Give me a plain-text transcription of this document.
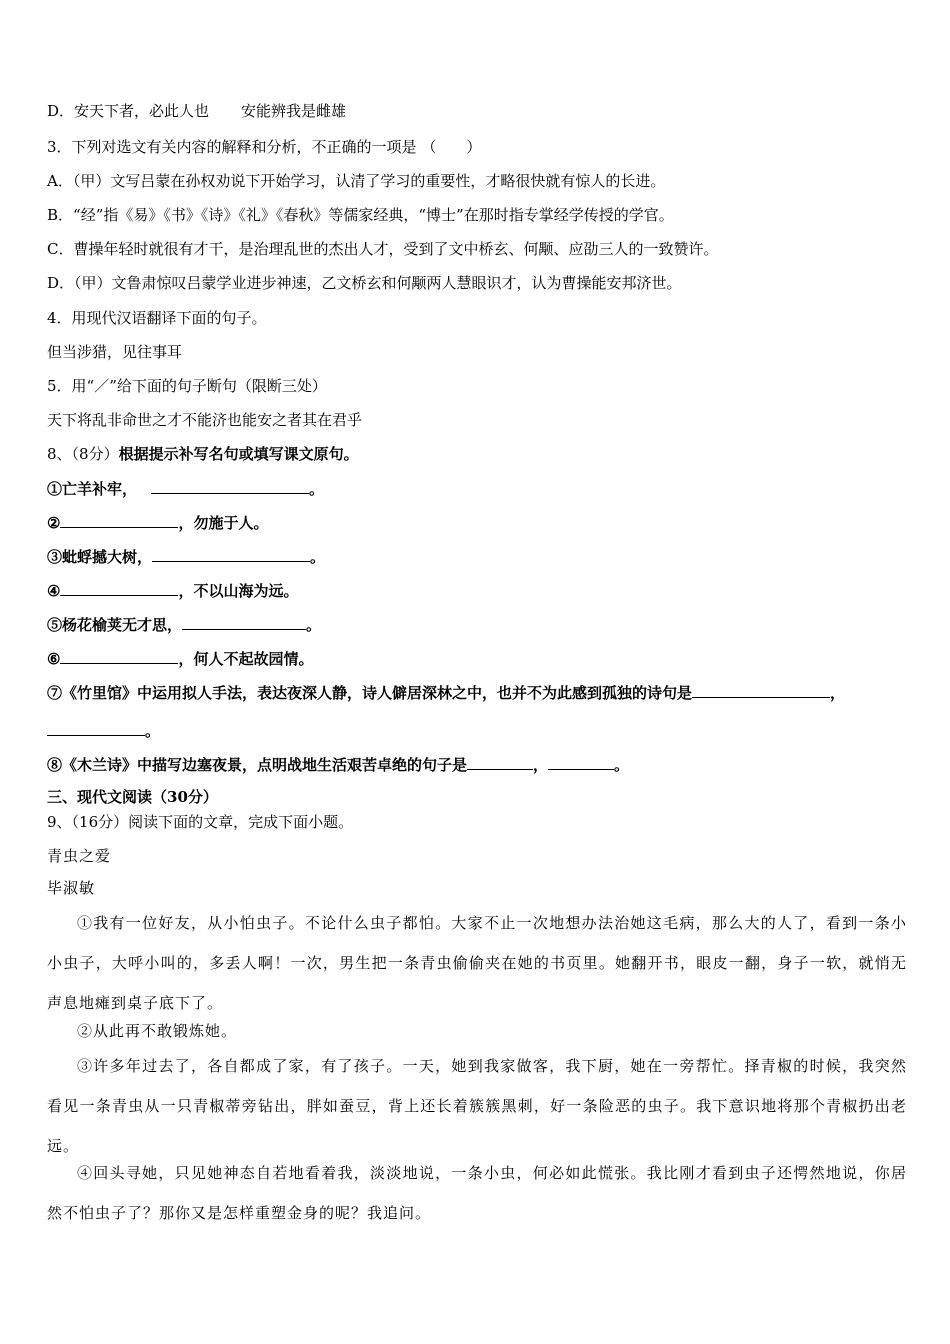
D．安天下者，必此人也 安能辨我是雌雄
3．下列对选文有关内容的解释和分析，不正确的一项是 （　　）
A．（甲）文写吕蒙在孙权劝说下开始学习，认清了学习的重要性，才略很快就有惊人的长进。
B．“经”指《易》《书》《诗》《礼》《春秋》等儒家经典，“博士”在那时指专掌经学传授的学官。
C．曹操年轻时就很有才干，是治理乱世的杰出人才，受到了文中桥玄、何颙、应劭三人的一致赞许。
D．（甲）文鲁肃惊叹吕蒙学业进步神速，乙文桥玄和何颙两人慧眼识才，认为曹操能安邦济世。
4．用现代汉语翻译下面的句子。
但当涉猎，见往事耳
5．用“／”给下面的句子断句（限断三处）
天下将乱非命世之才不能济也能安之者其在君乎
8、（8分）根据提示补写名句或填写课文原句。
①亡羊补牢，	。
②	，勿施于人。
③蚍蜉撼大树，	。
④	，不以山海为远。
⑤杨花榆荚无才思，	。
⑥	，何人不起故园情。
⑦《竹里馆》中运用拟人手法，表达夜深人静，诗人僻居深林之中，也并不为此感到孤独的诗句是	，
。
⑧《木兰诗》中描写边塞夜景，点明战地生活艰苦卓绝的句子是	，	。
三、现代文阅读（30分）
9、（16分）阅读下面的文章，完成下面小题。
青虫之爱
毕淑敏
①我有一位好友，从小怕虫子。不论什么虫子都怕。大家不止一次地想办法治她这毛病，那么大的人了，看到一条小小虫子，大呼小叫的，多丢人啊！一次，男生把一条青虫偷偷夹在她的书页里。她翻开书，眼皮一翻，身子一软，就悄无声息地瘫到桌子底下了。
②从此再不敢锻炼她。
③许多年过去了，各自都成了家，有了孩子。一天，她到我家做客，我下厨，她在一旁帮忙。择青椒的时候，我突然看见一条青虫从一只青椒蒂旁钻出，胖如蚕豆，背上还长着簇簇黑刺，好一条险恶的虫子。我下意识地将那个青椒扔出老远。
④回头寻她，只见她神态自若地看着我，淡淡地说，一条小虫，何必如此慌张。我比刚才看到虫子还愕然地说，你居然不怕虫子了？那你又是怎样重塑金身的呢？我追问。
